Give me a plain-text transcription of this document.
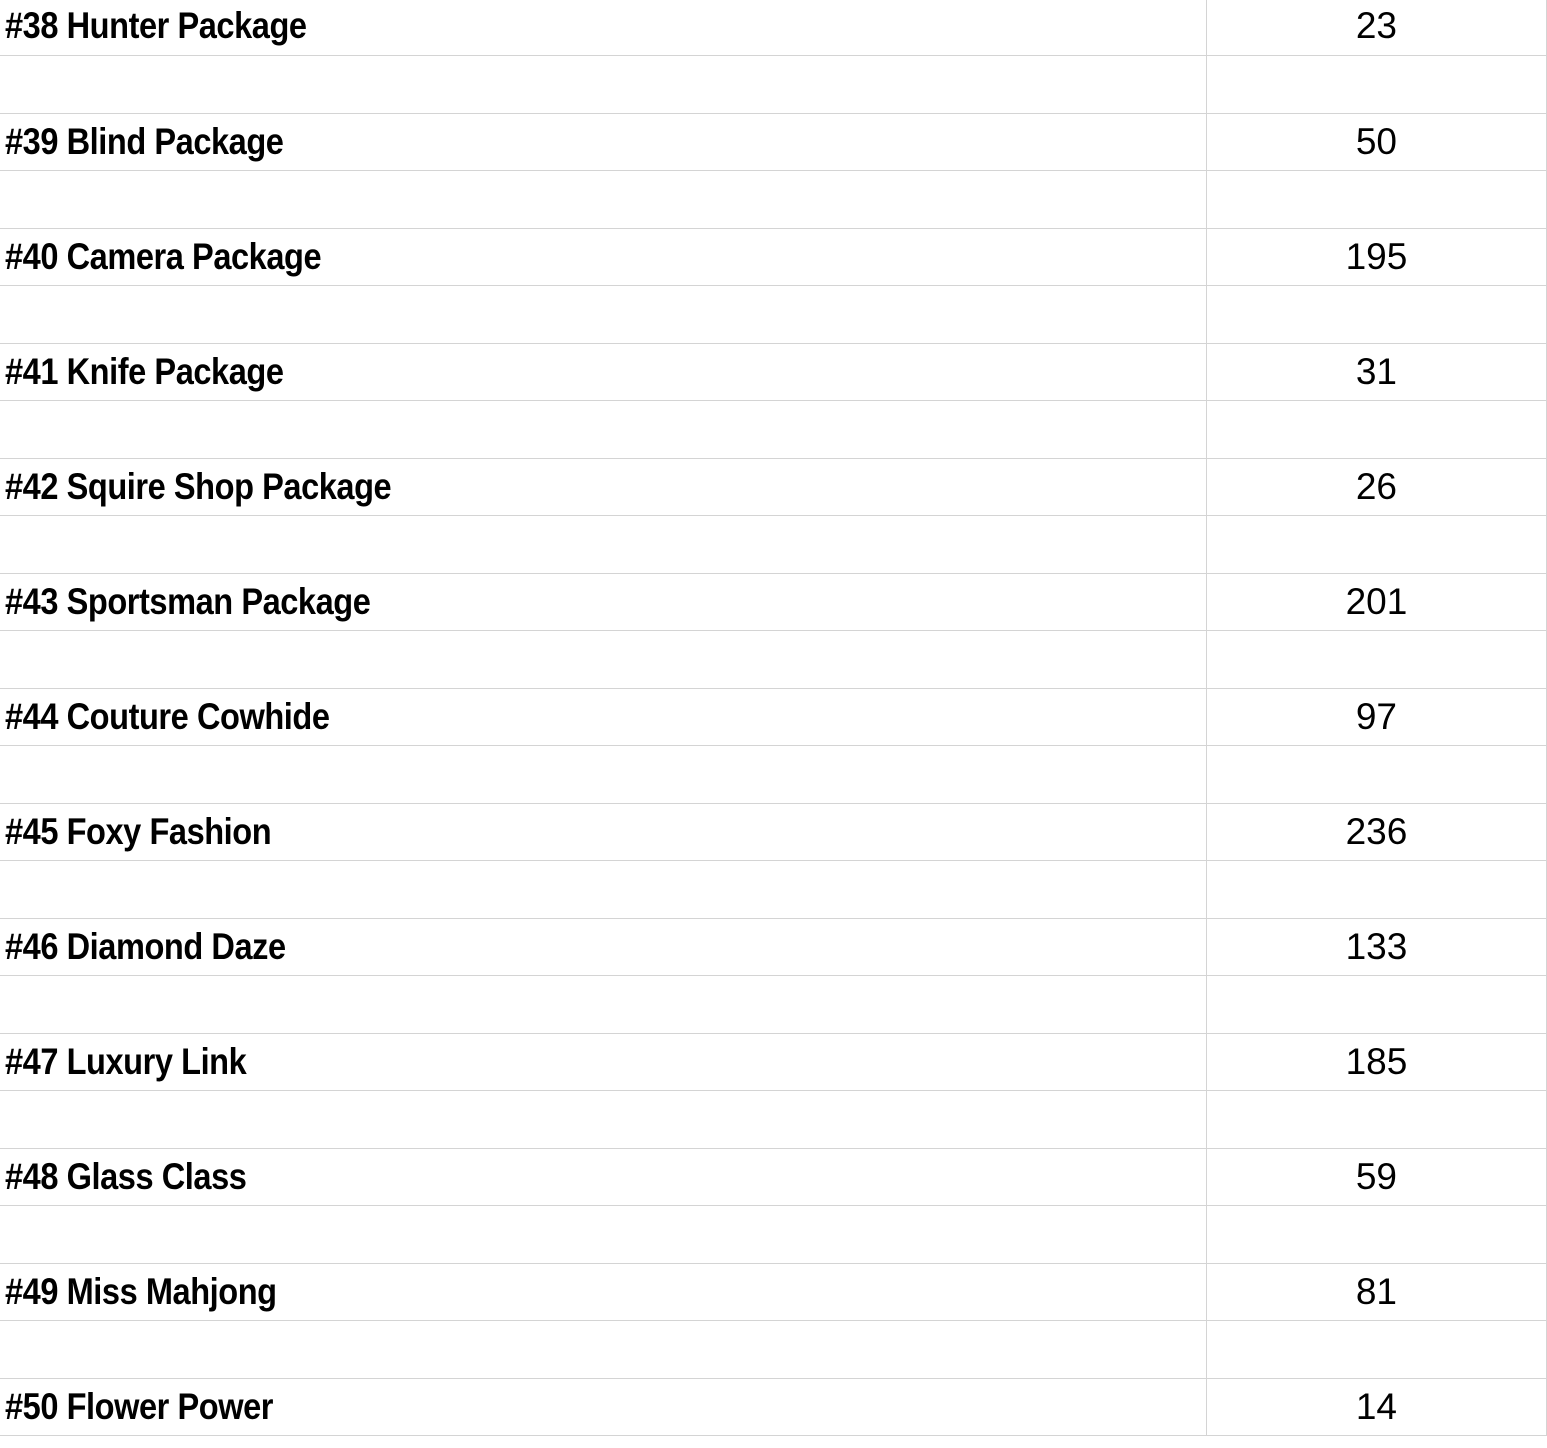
#38 Hunter Package	23

#39 Blind Package	50

#40 Camera Package	195

#41 Knife Package	31

#42 Squire Shop Package	26

#43 Sportsman Package	201

#44 Couture Cowhide	97

#45 Foxy Fashion	236

#46 Diamond Daze	133

#47 Luxury Link	185

#48 Glass Class	59

#49 Miss Mahjong	81

#50 Flower Power	14
